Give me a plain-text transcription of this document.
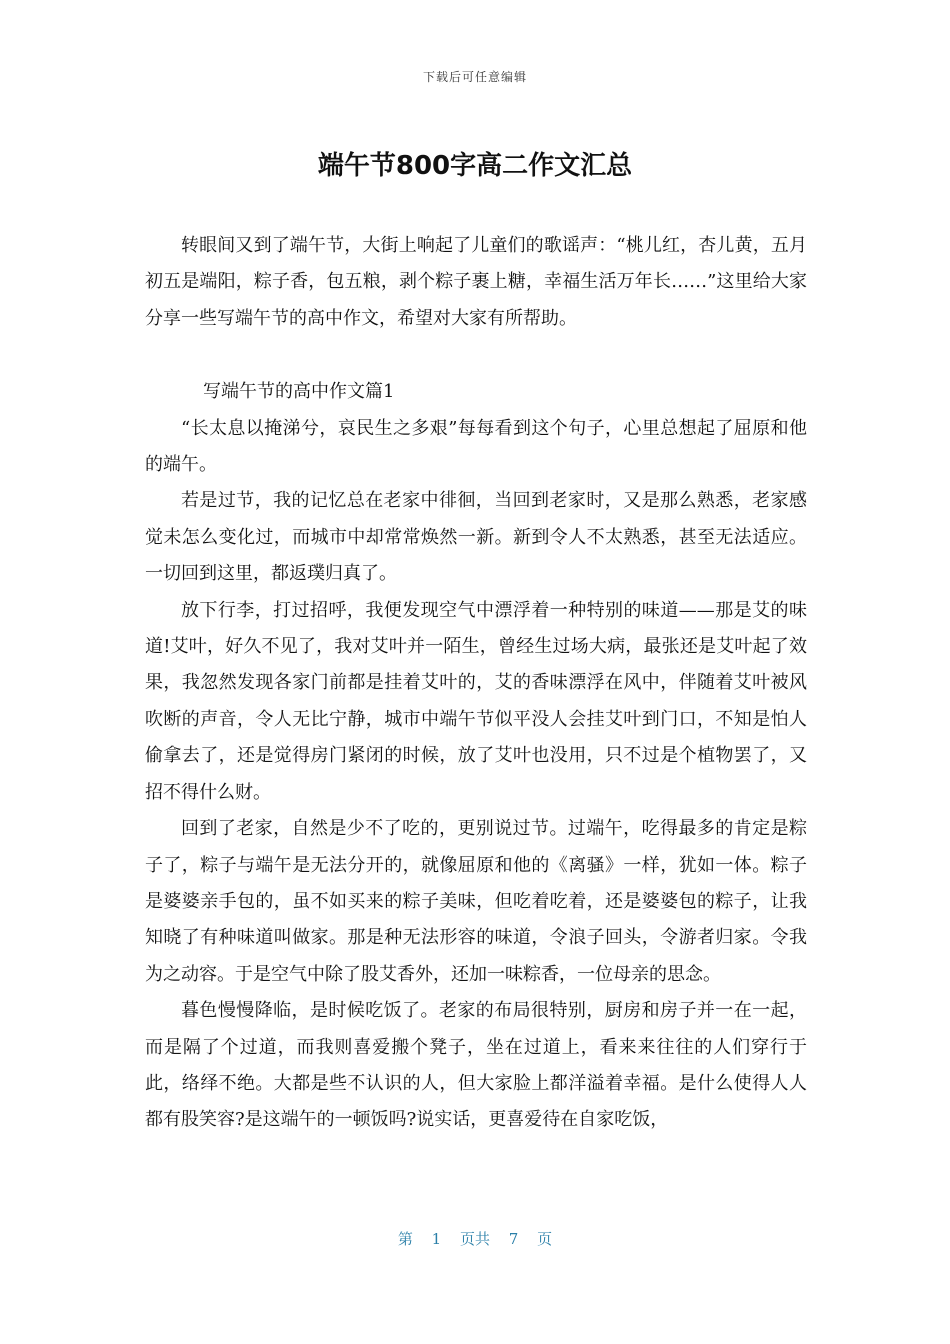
下载后可任意编辑
端午节800字高二作文汇总

转眼间又到了端午节，大街上响起了儿童们的歌谣声：“桃儿红，杏儿黄，五月初五是端阳，粽子香，包五粮，剥个粽子裹上糖，幸福生活万年长……”这里给大家分享一些写端午节的高中作文，希望对大家有所帮助。

写端午节的高中作文篇1

“长太息以掩涕兮，哀民生之多艰”每每看到这个句子，心里总想起了屈原和他的端午。

若是过节，我的记忆总在老家中徘徊，当回到老家时，又是那么熟悉，老家感觉未怎么变化过，而城市中却常常焕然一新。新到令人不太熟悉，甚至无法适应。一切回到这里，都返璞归真了。

放下行李，打过招呼，我便发现空气中漂浮着一种特别的味道——那是艾的味道!艾叶，好久不见了，我对艾叶并一陌生，曾经生过场大病，最张还是艾叶起了效果，我忽然发现各家门前都是挂着艾叶的，艾的香味漂浮在风中，伴随着艾叶被风吹断的声音，令人无比宁静，城市中端午节似平没人会挂艾叶到门口，不知是怕人偷拿去了，还是觉得房门紧闭的时候，放了艾叶也没用，只不过是个植物罢了，又招不得什么财。

回到了老家，自然是少不了吃的，更别说过节。过端午，吃得最多的肯定是粽子了，粽子与端午是无法分开的，就像屈原和他的《离骚》一样，犹如一体。粽子是婆婆亲手包的，虽不如买来的粽子美味，但吃着吃着，还是婆婆包的粽子，让我知晓了有种味道叫做家。那是种无法形容的味道，令浪子回头，令游者归家。令我为之动容。于是空气中除了股艾香外，还加一味粽香，一位母亲的思念。

暮色慢慢降临，是时候吃饭了。老家的布局很特别，厨房和房子并一在一起，而是隔了个过道，而我则喜爱搬个凳子，坐在过道上，看来来往往的人们穿行于此，络绎不绝。大都是些不认识的人，但大家脸上都洋溢着幸福。是什么使得人人都有股笑容?是这端午的一顿饭吗?说实话，更喜爱待在自家吃饭，

第 1 页共 7 页
